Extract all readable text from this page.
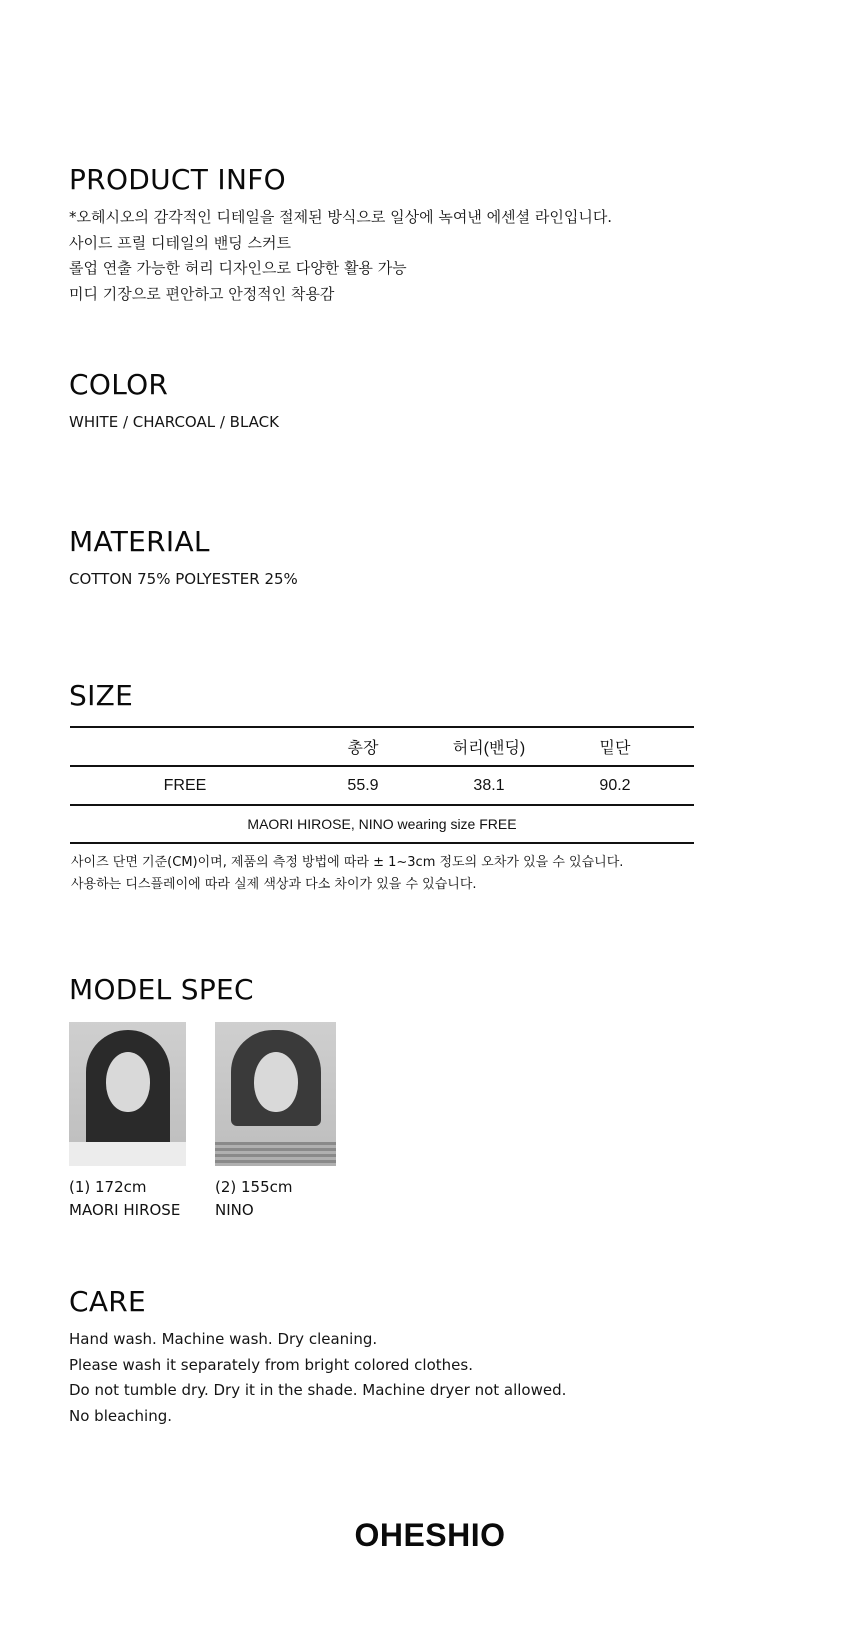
PRODUCT INFO
*오헤시오의 감각적인 디테일을 절제된 방식으로 일상에 녹여낸 에센셜 라인입니다.
사이드 프릴 디테일의 밴딩 스커트
롤업 연출 가능한 허리 디자인으로 다양한 활용 가능
미디 기장으로 편안하고 안정적인 착용감
COLOR
WHITE / CHARCOAL / BLACK
MATERIAL
COTTON 75% POLYESTER 25%
SIZE
	총장	허리(밴딩)	밑단	
FREE	55.9	38.1	90.2	
MAORI HIROSE, NINO wearing size FREE				
사이즈 단면 기준(CM)이며, 제품의 측정 방법에 따라 ± 1~3cm 정도의 오차가 있을 수 있습니다.
사용하는 디스플레이에 따라 실제 색상과 다소 차이가 있을 수 있습니다.
MODEL SPEC
(1) 172cm
MAORI HIROSE
(2) 155cm
NINO
CARE
Hand wash. Machine wash. Dry cleaning.
Please wash it separately from bright colored clothes.
Do not tumble dry. Dry it in the shade. Machine dryer not allowed.
No bleaching.
OHESHIO
